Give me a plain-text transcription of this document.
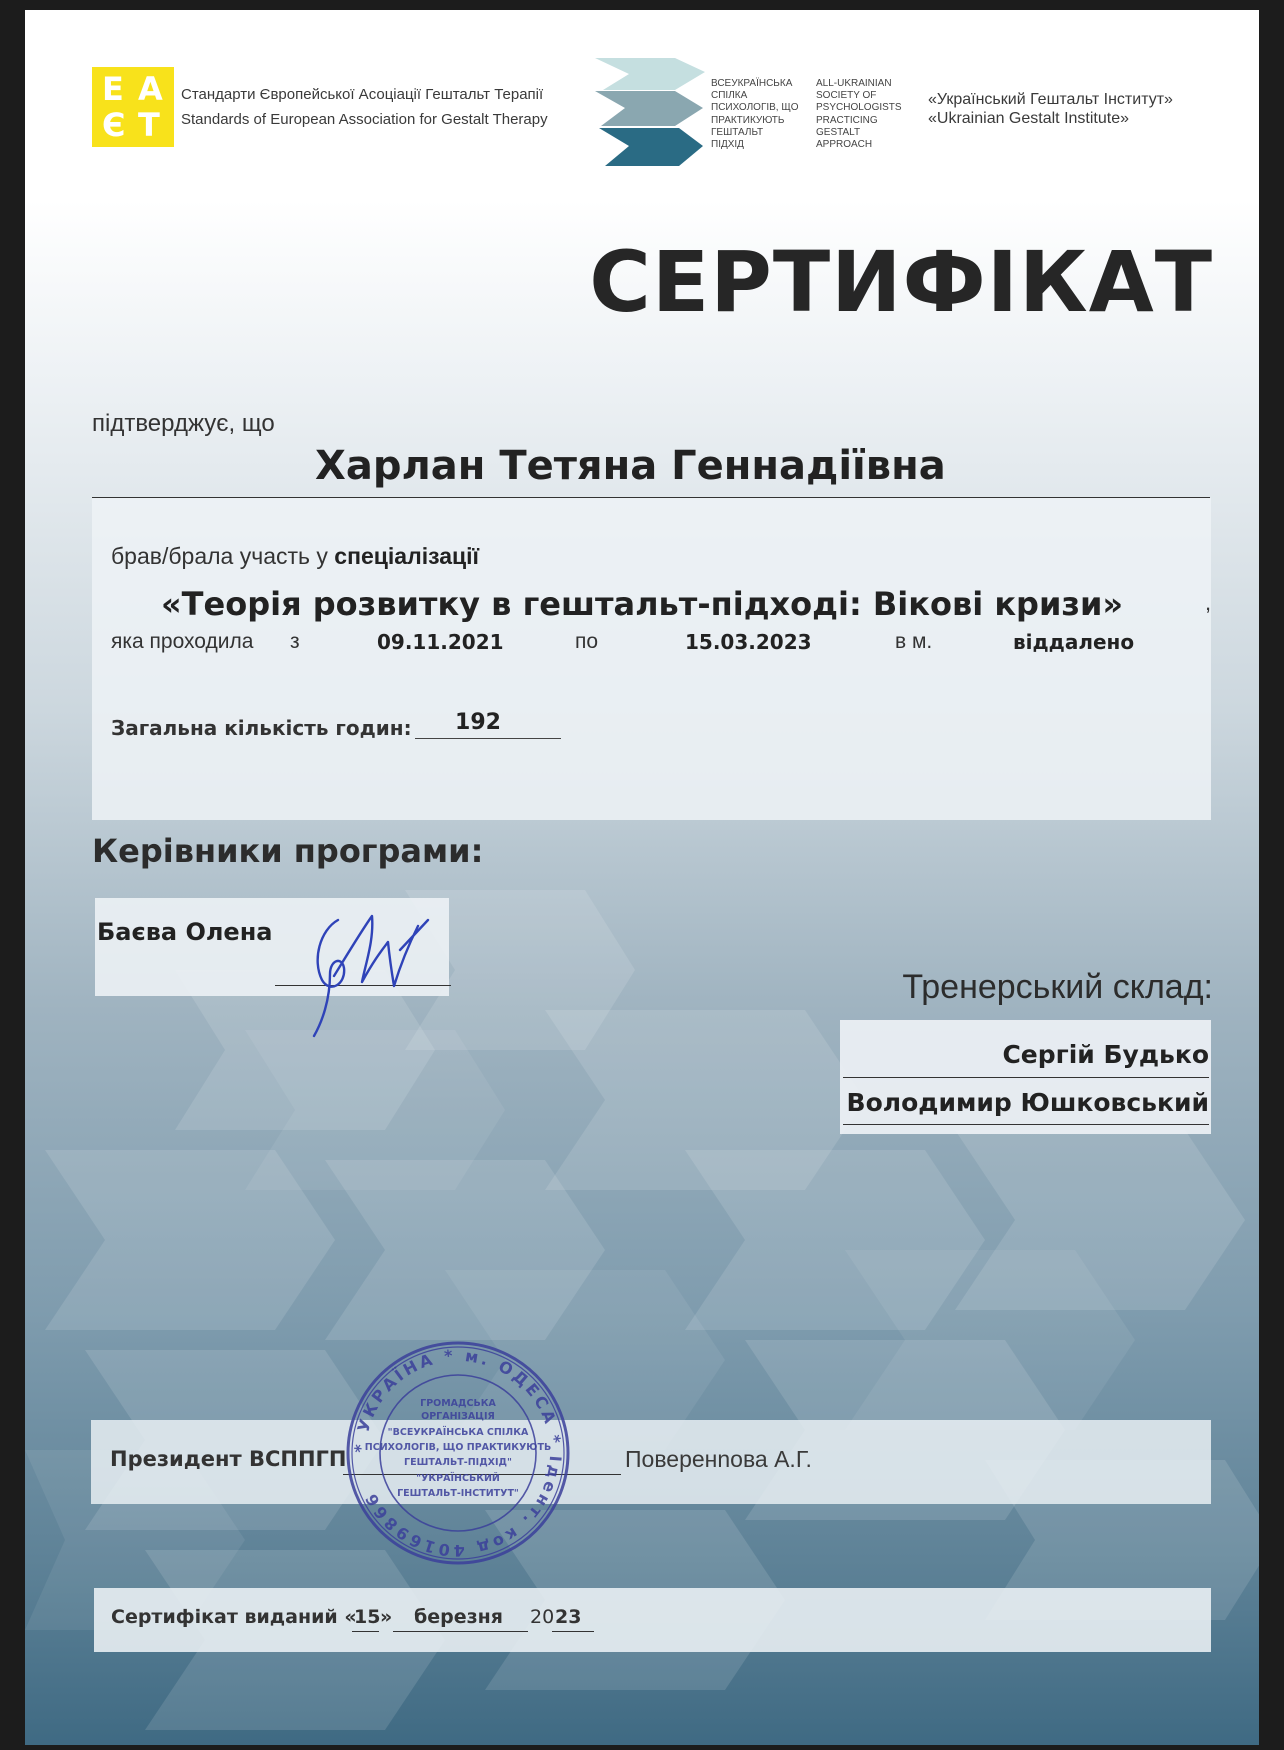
Е А
Є Т
Стандарти Європейської Асоціації Гештальт Терапії
Standards of European Association for Gestalt Therapy
ВСЕУКРАЇНСЬКА
СПІЛКА
ПСИХОЛОГІВ, ЩО
ПРАКТИКУЮТЬ
ГЕШТАЛЬТ
ПІДХІД
ALL-UKRAINIAN
SOCIETY OF
PSYCHOLOGISTS
PRACTICING
GESTALT
APPROACH
«Український Гештальт Інститут»
«Ukrainian Gestalt Institute»
СЕРТИФІКАТ
підтверджує, що
Харлан Тетяна Геннадіївна
брав/брала участь у спеціалізації
«Теорія розвитку в гештальт-підході: Вікові кризи»	,
яка проходила з	09.11.2021	по	15.03.2023	в м.	віддалено
Загальна кількість годин:	192
Керівники програми:
Баєва Олена
Тренерський склад:
Сергій Будько
Володимир Юшковський
Президент ВСППГП	Поверенnова А.Г.
* УКРАЇНА * м. ОДЕСА * Ідент. код 40169866
ГРОМАДСЬКА
ОРГАНІЗАЦІЯ
"ВСЕУКРАЇНСЬКА СПІЛКА
ПСИХОЛОГІВ, ЩО ПРАКТИКУЮТЬ
ГЕШТАЛЬТ-ПІДХІД"
"УКРАЇНСЬКИЙ
ГЕШТАЛЬТ-ІНСТИТУТ"
Сертифікат виданий «
15 » березня 20 23
